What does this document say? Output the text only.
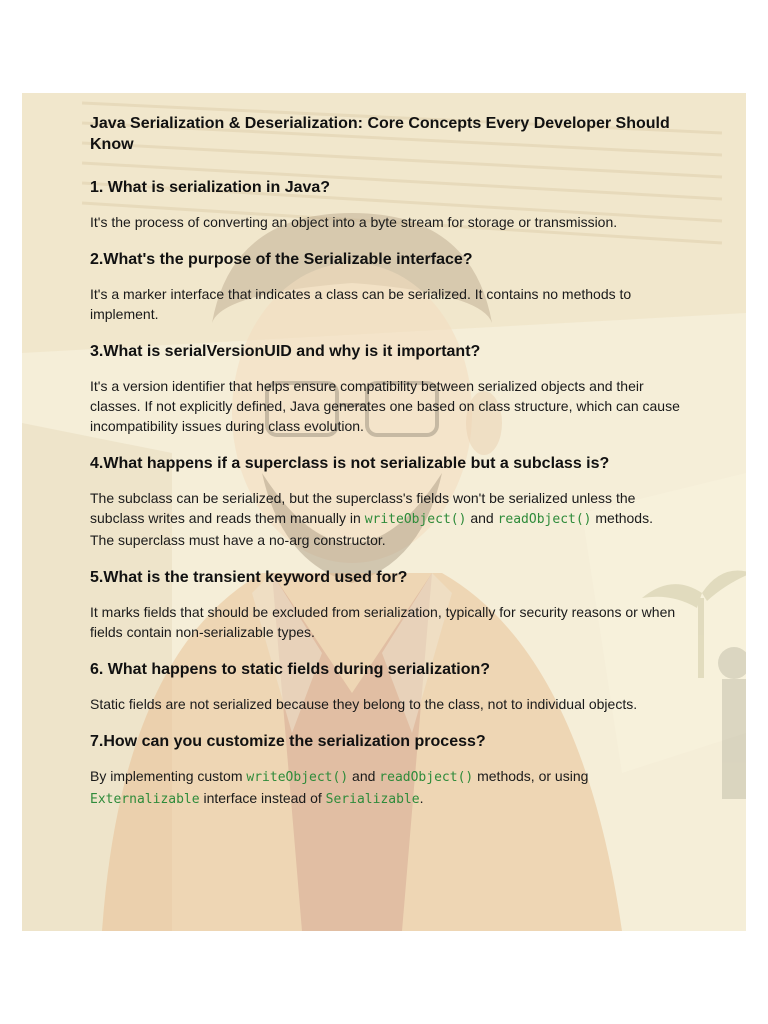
Java Serialization & Deserialization: Core Concepts Every Developer Should Know
1. What is serialization in Java?
It's the process of converting an object into a byte stream for storage or transmission.
2.What's the purpose of the Serializable interface?
It's a marker interface that indicates a class can be serialized. It contains no methods to implement.
3.What is serialVersionUID and why is it important?
It's a version identifier that helps ensure compatibility between serialized objects and their classes. If not explicitly defined, Java generates one based on class structure, which can cause incompatibility issues during class evolution.
4.What happens if a superclass is not serializable but a subclass is?
The subclass can be serialized, but the superclass's fields won't be serialized unless the subclass writes and reads them manually in writeObject() and readObject() methods. The superclass must have a no-arg constructor.
5.What is the transient keyword used for?
It marks fields that should be excluded from serialization, typically for security reasons or when fields contain non-serializable types.
6. What happens to static fields during serialization?
Static fields are not serialized because they belong to the class, not to individual objects.
7.How can you customize the serialization process?
By implementing custom writeObject() and readObject() methods, or using Externalizable interface instead of Serializable.
